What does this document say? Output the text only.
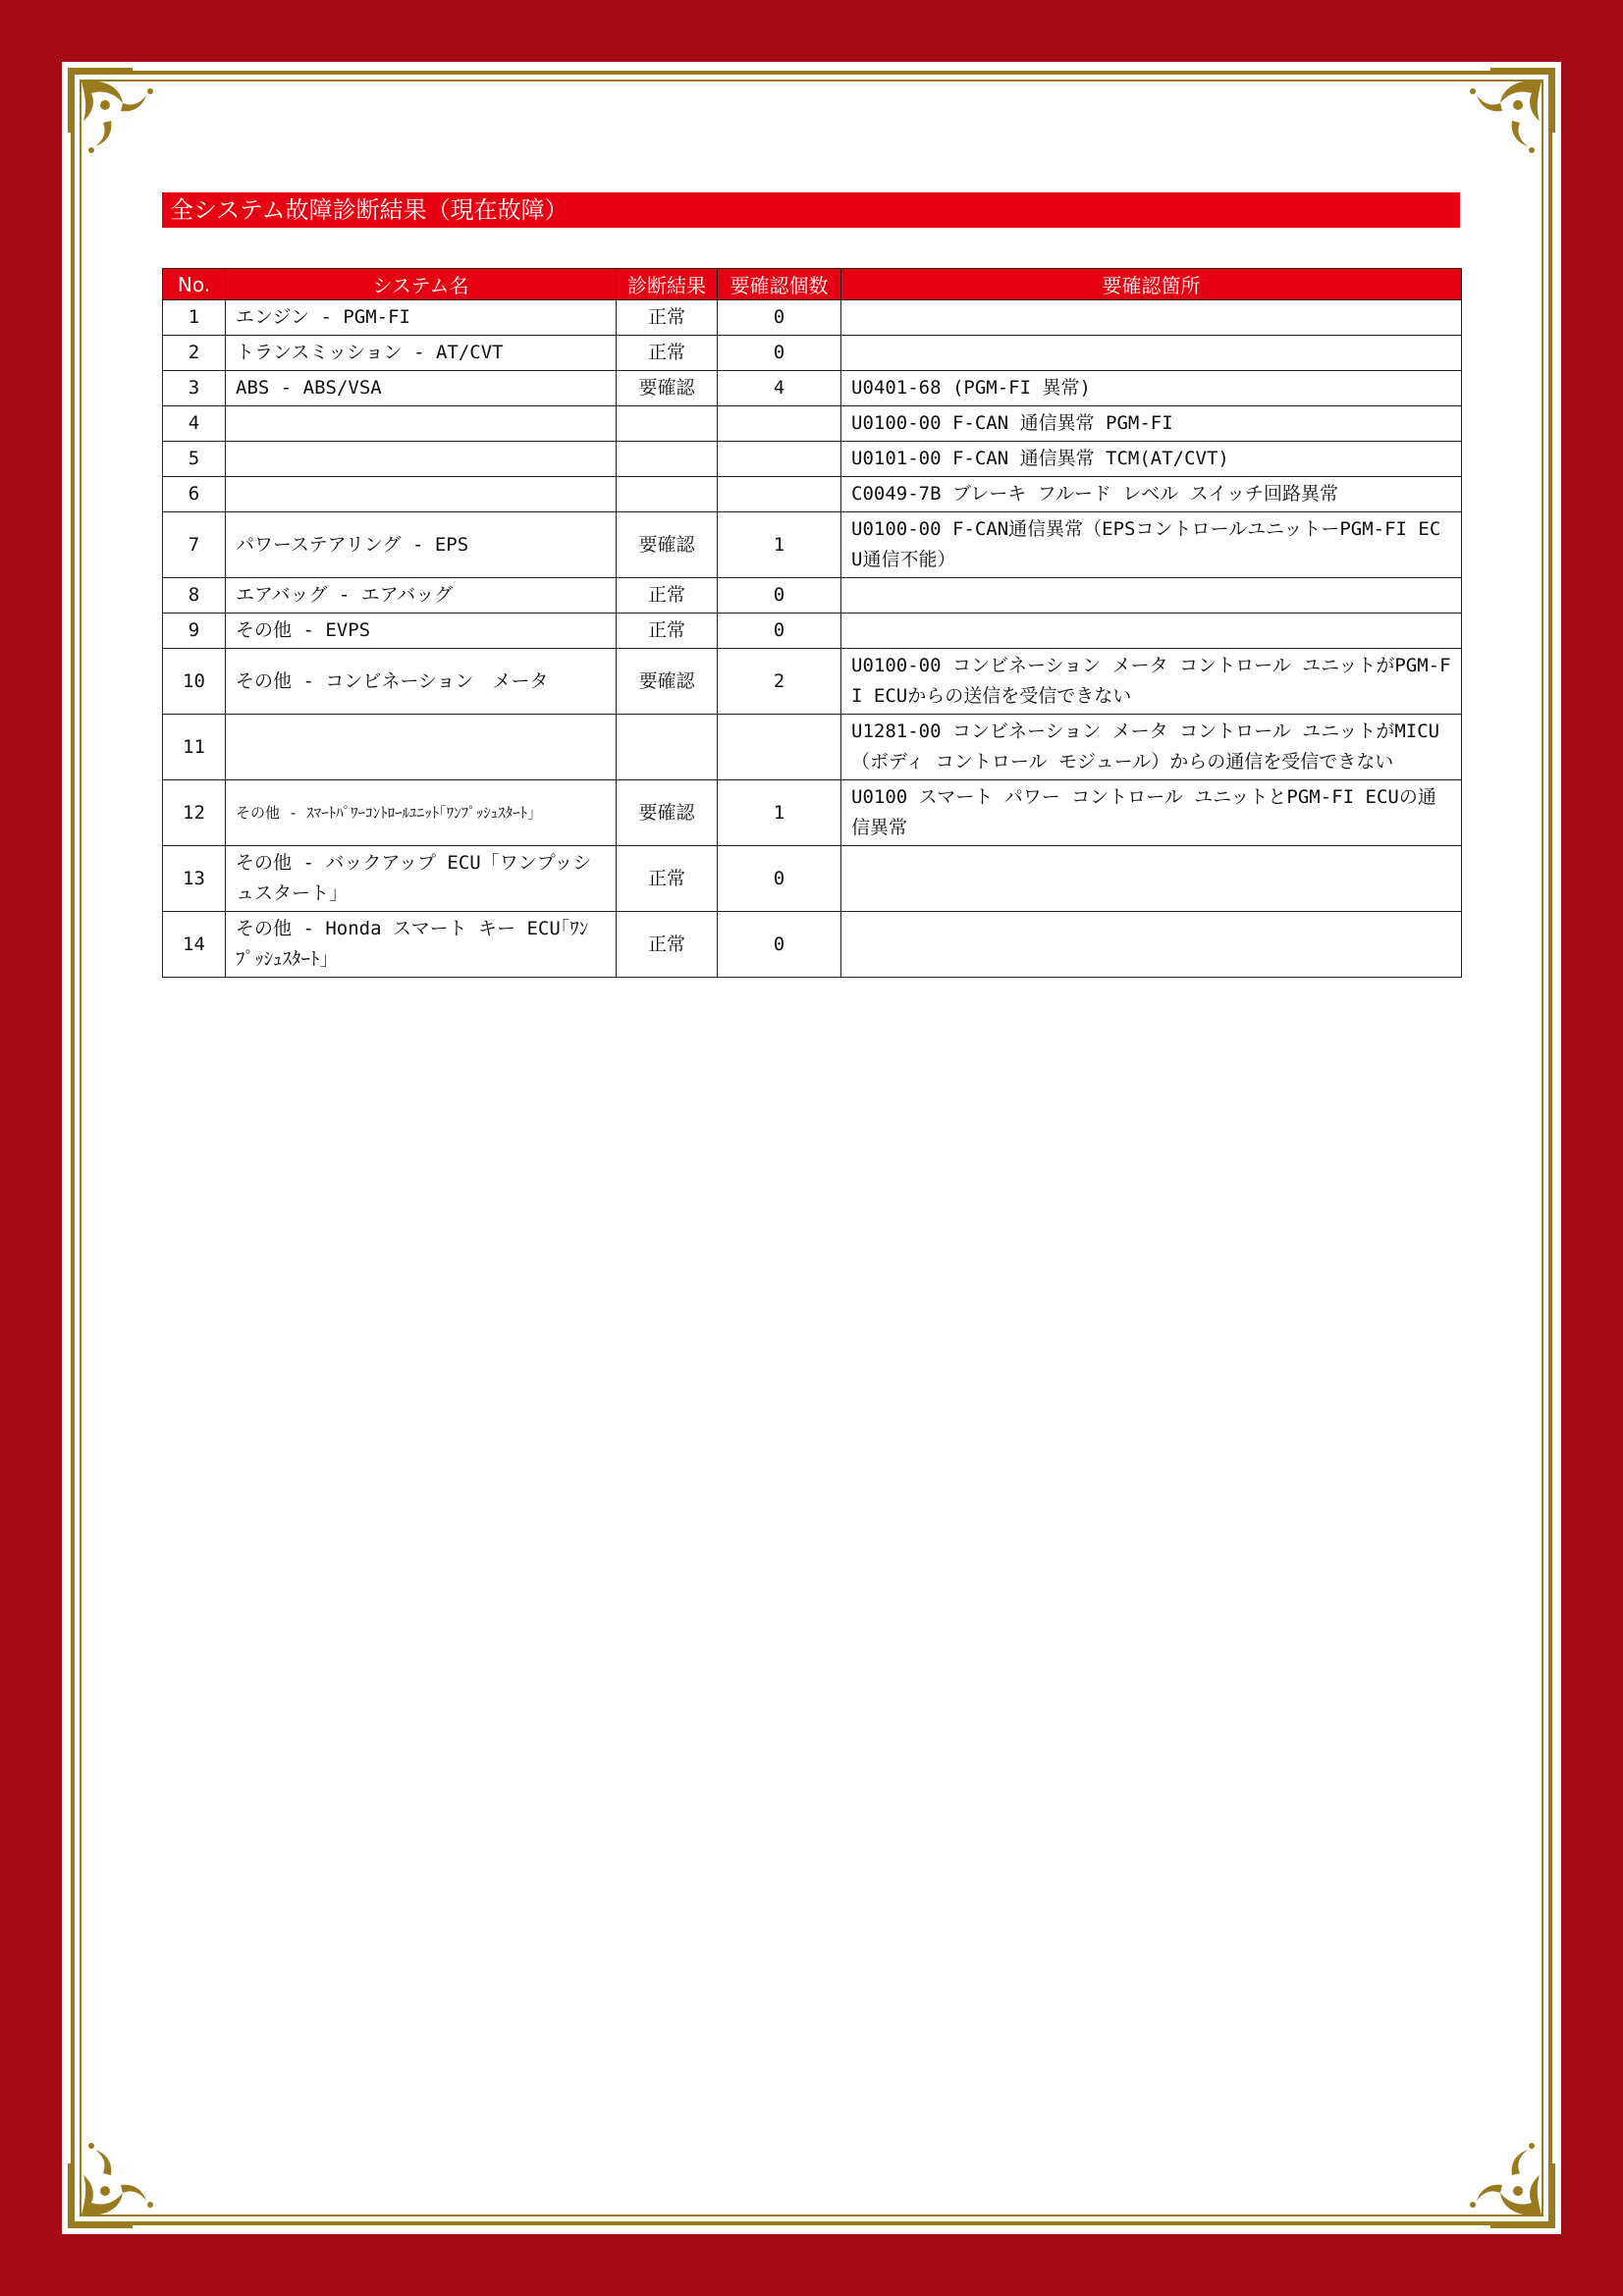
全システム故障診断結果（現在故障）
No.	システム名	診断結果	要確認個数	要確認箇所
1	エンジン - PGM-FI	正常	0	
2	トランスミッション - AT/CVT	正常	0	
3	ABS - ABS/VSA	要確認	4	U0401-68 (PGM-FI 異常)
4				U0100-00 F-CAN 通信異常 PGM-FI
5				U0101-00 F-CAN 通信異常 TCM(AT/CVT)
6				C0049-7B ブレーキ フルード レベル スイッチ回路異常
7	パワーステアリング - EPS	要確認	1	U0100-00 F-CAN通信異常（EPSコントロールユニットーPGM-FI ECU通信不能）
8	エアバッグ - エアバッグ	正常	0	
9	その他 - EVPS	正常	0	
10	その他 - コンビネーション　メータ	要確認	2	U0100-00 コンビネーション メータ コントロール ユニットがPGM-FI ECUからの送信を受信できない
11				U1281-00 コンビネーション メータ コントロール ユニットがMICU（ボディ コントロール モジュール）からの通信を受信できない
12	その他 - ｽﾏｰﾄﾊﾟﾜｰｺﾝﾄﾛｰﾙﾕﾆｯﾄ｢ﾜﾝﾌﾟｯｼｭｽﾀｰﾄ｣	要確認	1	U0100 スマート パワー コントロール ユニットとPGM-FI ECUの通信異常
13	その他 - バックアップ ECU「ワンプッシュスタート」	正常	0	
14	その他 - Honda スマート キー ECU｢ﾜﾝﾌﾟｯｼｭｽﾀｰﾄ｣	正常	0	
